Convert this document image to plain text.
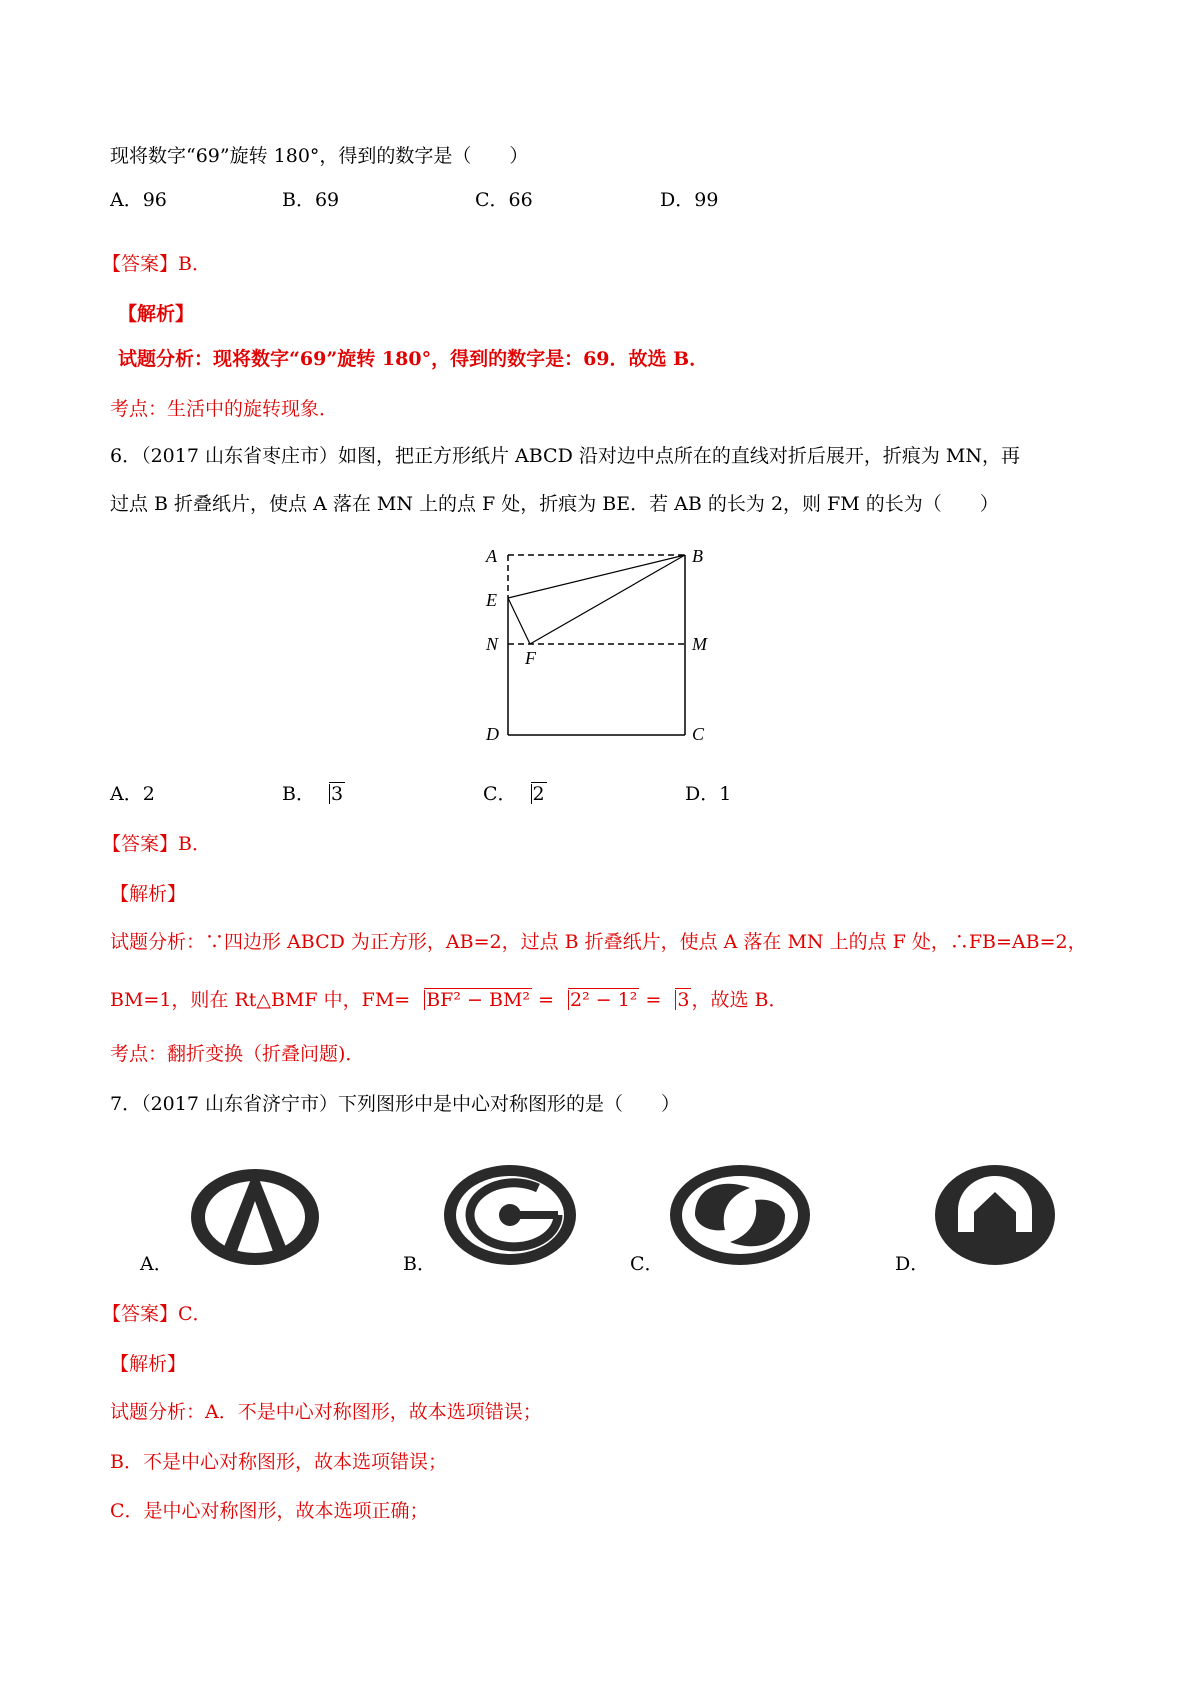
现将数字“69”旋转 180°，得到的数字是（　　）
A．96	B．69	C．66	D．99
【答案】B．
【解析】
试题分析：现将数字“69”旋转 180°，得到的数字是：69．故选 B．
考点：生活中的旋转现象．
6．（2017 山东省枣庄市）如图，把正方形纸片 ABCD 沿对边中点所在的直线对折后展开，折痕为 MN，再
过点 B 折叠纸片，使点 A 落在 MN 上的点 F 处，折痕为 BE．若 AB 的长为 2，则 FM 的长为（　　）
A	B
E
N
F
M
D	C
A．2	B． 3	C． 2	D．1
【答案】B．
【解析】
试题分析：∵四边形 ABCD 为正方形，AB=2，过点 B 折叠纸片，使点 A 落在 MN 上的点 F 处，∴FB=AB=2，
BM=1，则在 Rt△BMF 中，FM= BF² − BM² = 2² − 1² = 3 ，故选 B．
考点：翻折变换（折叠问题)．
7．（2017 山东省济宁市）下列图形中是中心对称图形的是（　　）
A．	B．	C．	D．
【答案】C．
【解析】
试题分析：A．不是中心对称图形，故本选项错误；
B．不是中心对称图形，故本选项错误；
C．是中心对称图形，故本选项正确；
